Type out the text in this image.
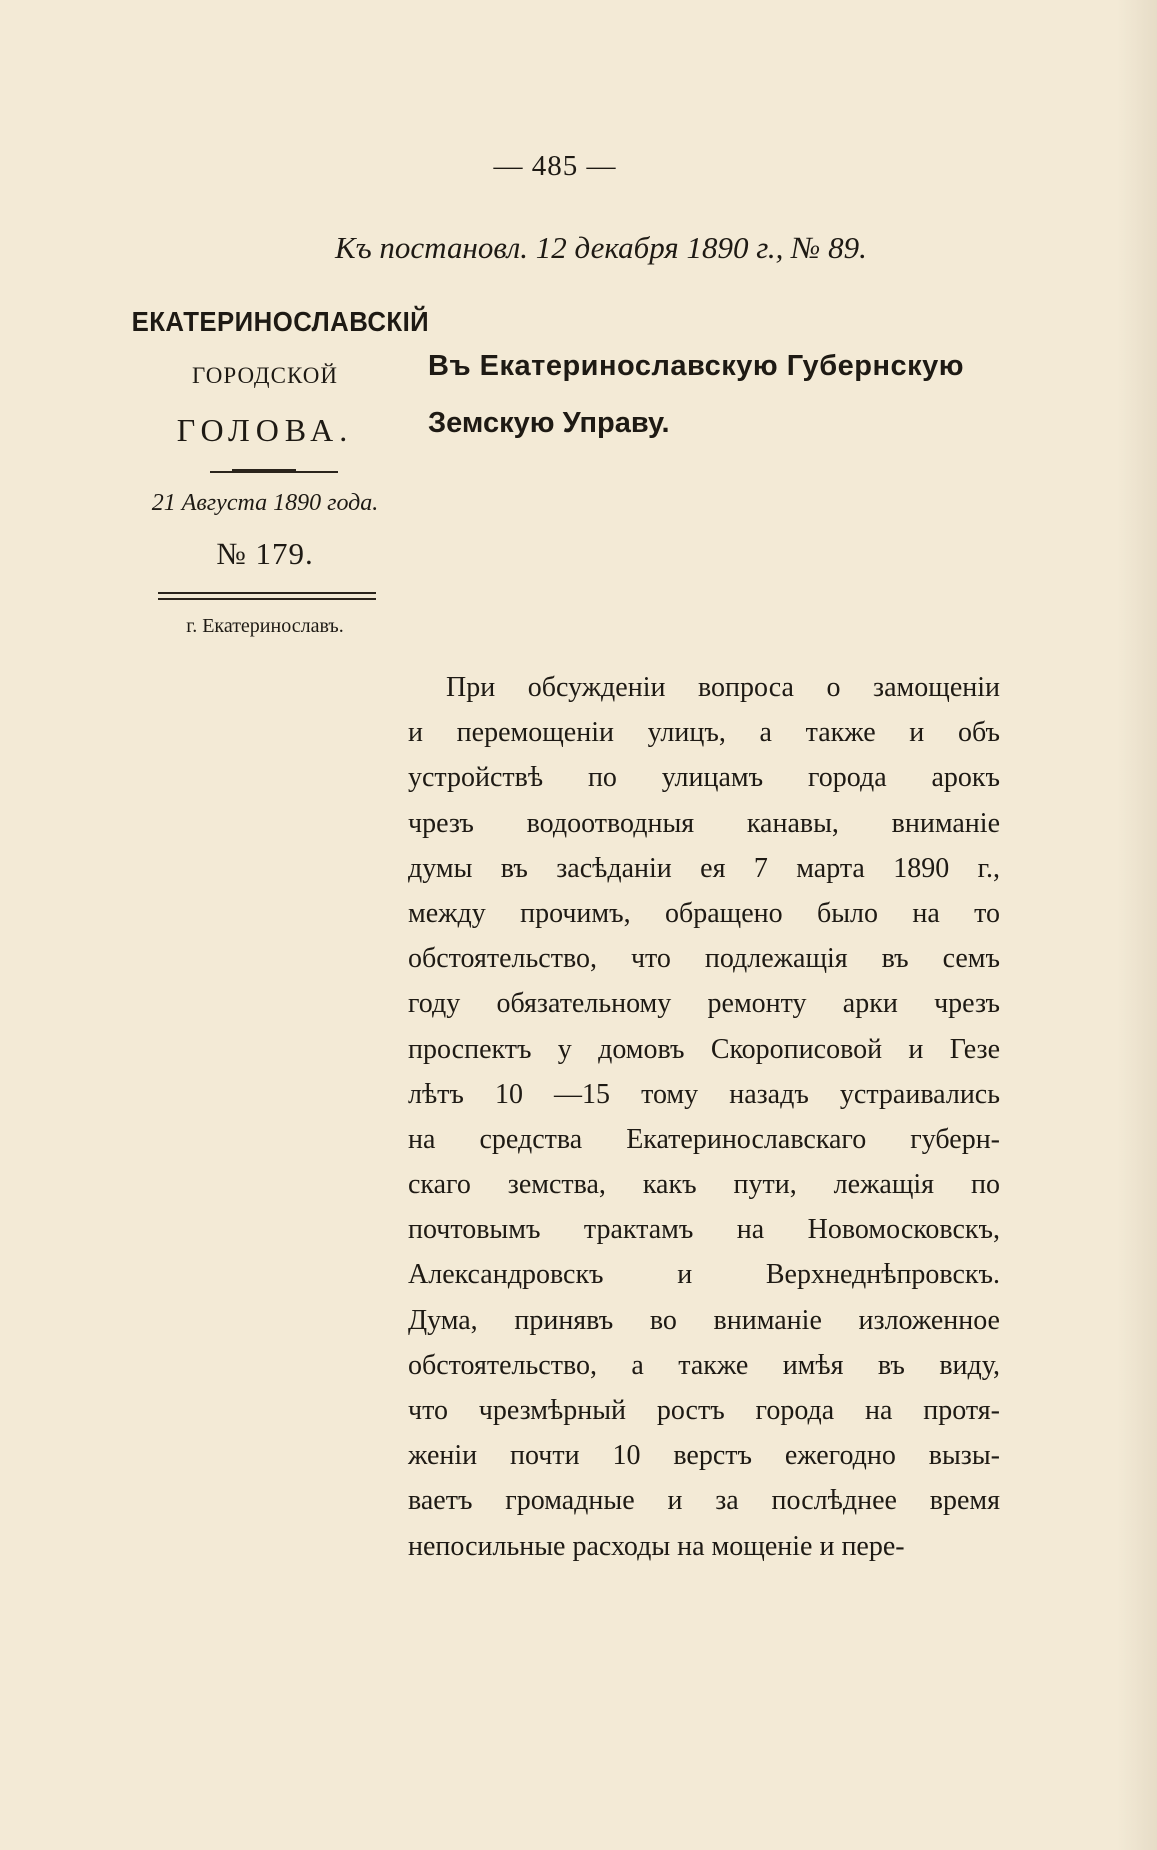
— 485 —
Къ постановл. 12 декабря 1890 г., № 89.
ЕКАТЕРИНОСЛАВСКІЙ
ГОРОДСКОЙ
ГОЛОВА.
21 Августа 1890 года.
№ 179.
г. Екатеринославъ.
Въ Екатеринославскую Губернскую
Земскую Управу.
При обсужденіи вопроса о замощеніи
и перемощеніи улицъ, а также и объ
устройствѣ по улицамъ города арокъ
чрезъ водоотводныя канавы, вниманіе
думы въ засѣданіи ея 7 марта 1890 г.,
между прочимъ, обращено было на то
обстоятельство, что подлежащія въ семъ
году обязательному ремонту арки чрезъ
проспектъ у домовъ Скорописовой и Гезе
лѣтъ 10 —15 тому назадъ устраивались
на средства Екатеринославскаго губерн-
скаго земства, какъ пути, лежащія по
почтовымъ трактамъ на Новомосковскъ,
Александровскъ и Верхнеднѣпровскъ.
Дума, принявъ во вниманіе изложенное
обстоятельство, а также имѣя въ виду,
что чрезмѣрный ростъ города на протя-
женіи почти 10 верстъ ежегодно вызы-
ваетъ громадные и за послѣднее время
непосильные расходы на мощеніе и пере-
